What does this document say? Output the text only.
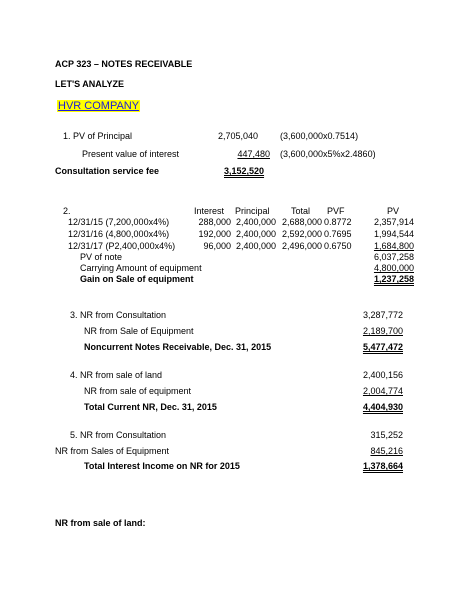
ACP 323 – NOTES RECEIVABLE
LET'S ANALYZE
HVR COMPANY
1. PV of Principal	2,705,040 (3,600,000x0.7514)
Present value of interest	447,480 (3,600,000x5%x2.4860)
Consultation service fee	3,152,520
2.	Interest Principal Total PVF	PV
12/31/15 (7,200,000x4%)	288,000 2,400,000 2,688,000 0.8772	2,357,914
12/31/16 (4,800,000x4%)	192,000 2,400,000 2,592,000 0.7695	1,994,544
12/31/17 (P2,400,000x4%)	96,000 2,400,000 2,496,000 0.6750	1,684,800
PV of note	6,037,258
Carrying Amount of equipment	4,800,000
Gain on Sale of equipment	1,237,258
3. NR from Consultation	3,287,772
NR from Sale of Equipment	2,189,700
Noncurrent Notes Receivable, Dec. 31, 2015	5,477,472
4. NR from sale of land	2,400,156
NR from sale of equipment	2,004,774
Total Current NR, Dec. 31, 2015	4,404,930
5. NR from Consultation	315,252
NR from Sales of Equipment	845,216
Total Interest Income on NR for 2015	1,378,664
NR from sale of land:
